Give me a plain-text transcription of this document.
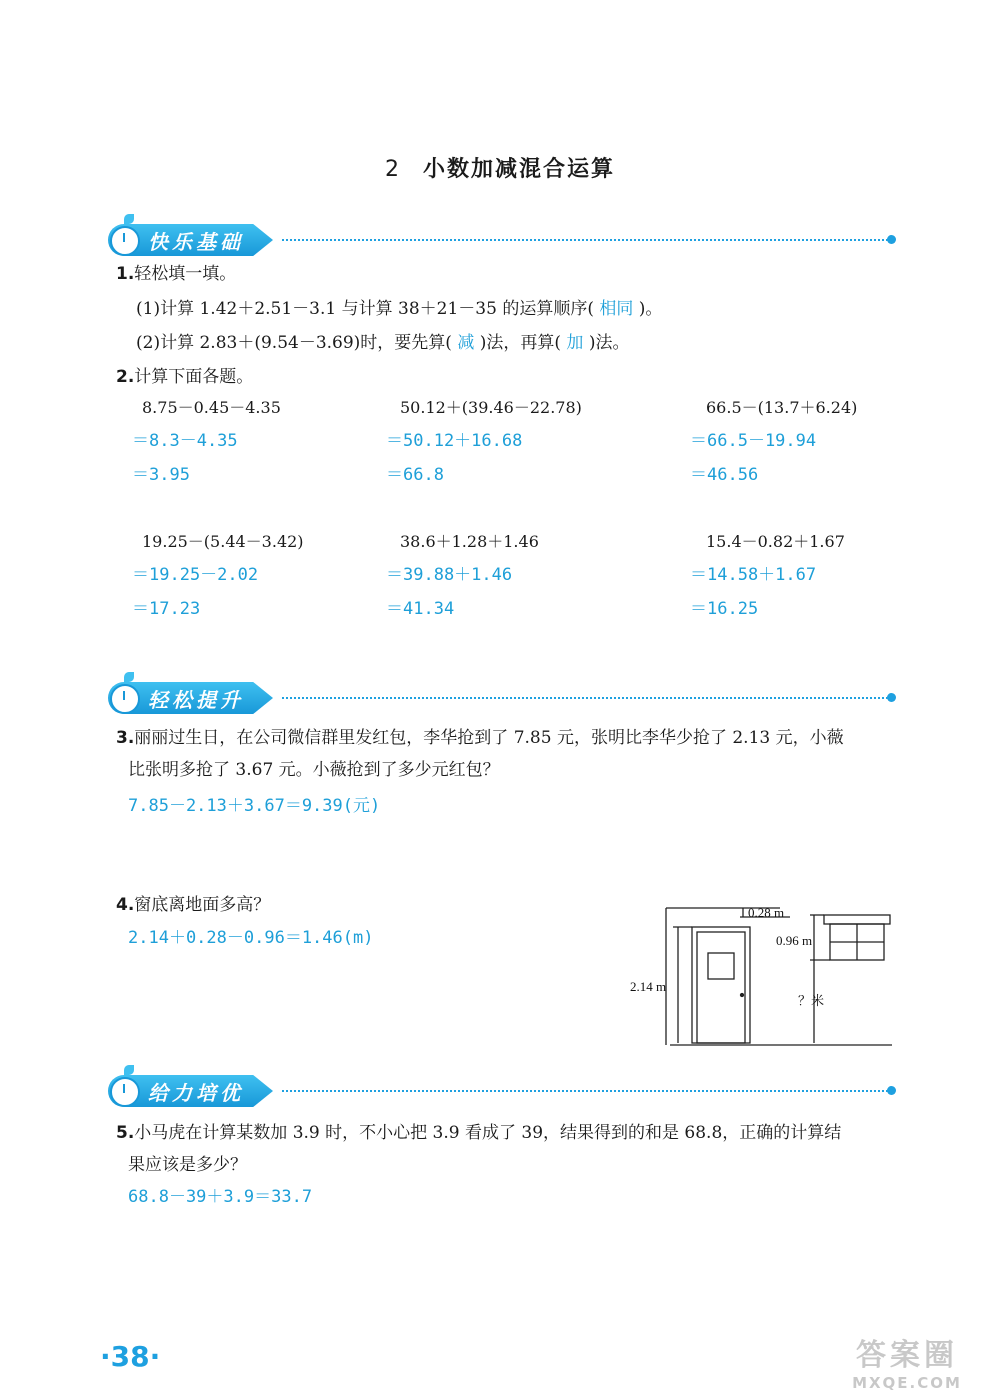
2 小数加减混合运算
快乐基础
1.轻松填一填。
(1)计算 1.42＋2.51－3.1 与计算 38＋21－35 的运算顺序( 相同 )。
(2)计算 2.83＋(9.54－3.69)时，要先算( 减 )法，再算( 加 )法。
2.计算下面各题。
8.75－0.45－4.35
＝8.3－4.35
＝3.95
50.12＋(39.46－22.78)
＝50.12＋16.68
＝66.8
66.5－(13.7＋6.24)
＝66.5－19.94
＝46.56
19.25－(5.44－3.42)
＝19.25－2.02
＝17.23
38.6＋1.28＋1.46
＝39.88＋1.46
＝41.34
15.4－0.82＋1.67
＝14.58＋1.67
＝16.25
轻松提升
3.丽丽过生日，在公司微信群里发红包，李华抢到了 7.85 元，张明比李华少抢了 2.13 元，小薇
比张明多抢了 3.67 元。小薇抢到了多少元红包？
7.85－2.13＋3.67＝9.39(元)
4.窗底离地面多高？
2.14＋0.28－0.96＝1.46(m)
0.28 m
0.96 m
2.14 m
？米
给力培优
5.小马虎在计算某数加 3.9 时，不小心把 3.9 看成了 39，结果得到的和是 68.8，正确的计算结
果应该是多少？
68.8－39＋3.9＝33.7
·38·	答案圈
MXQE.COM
